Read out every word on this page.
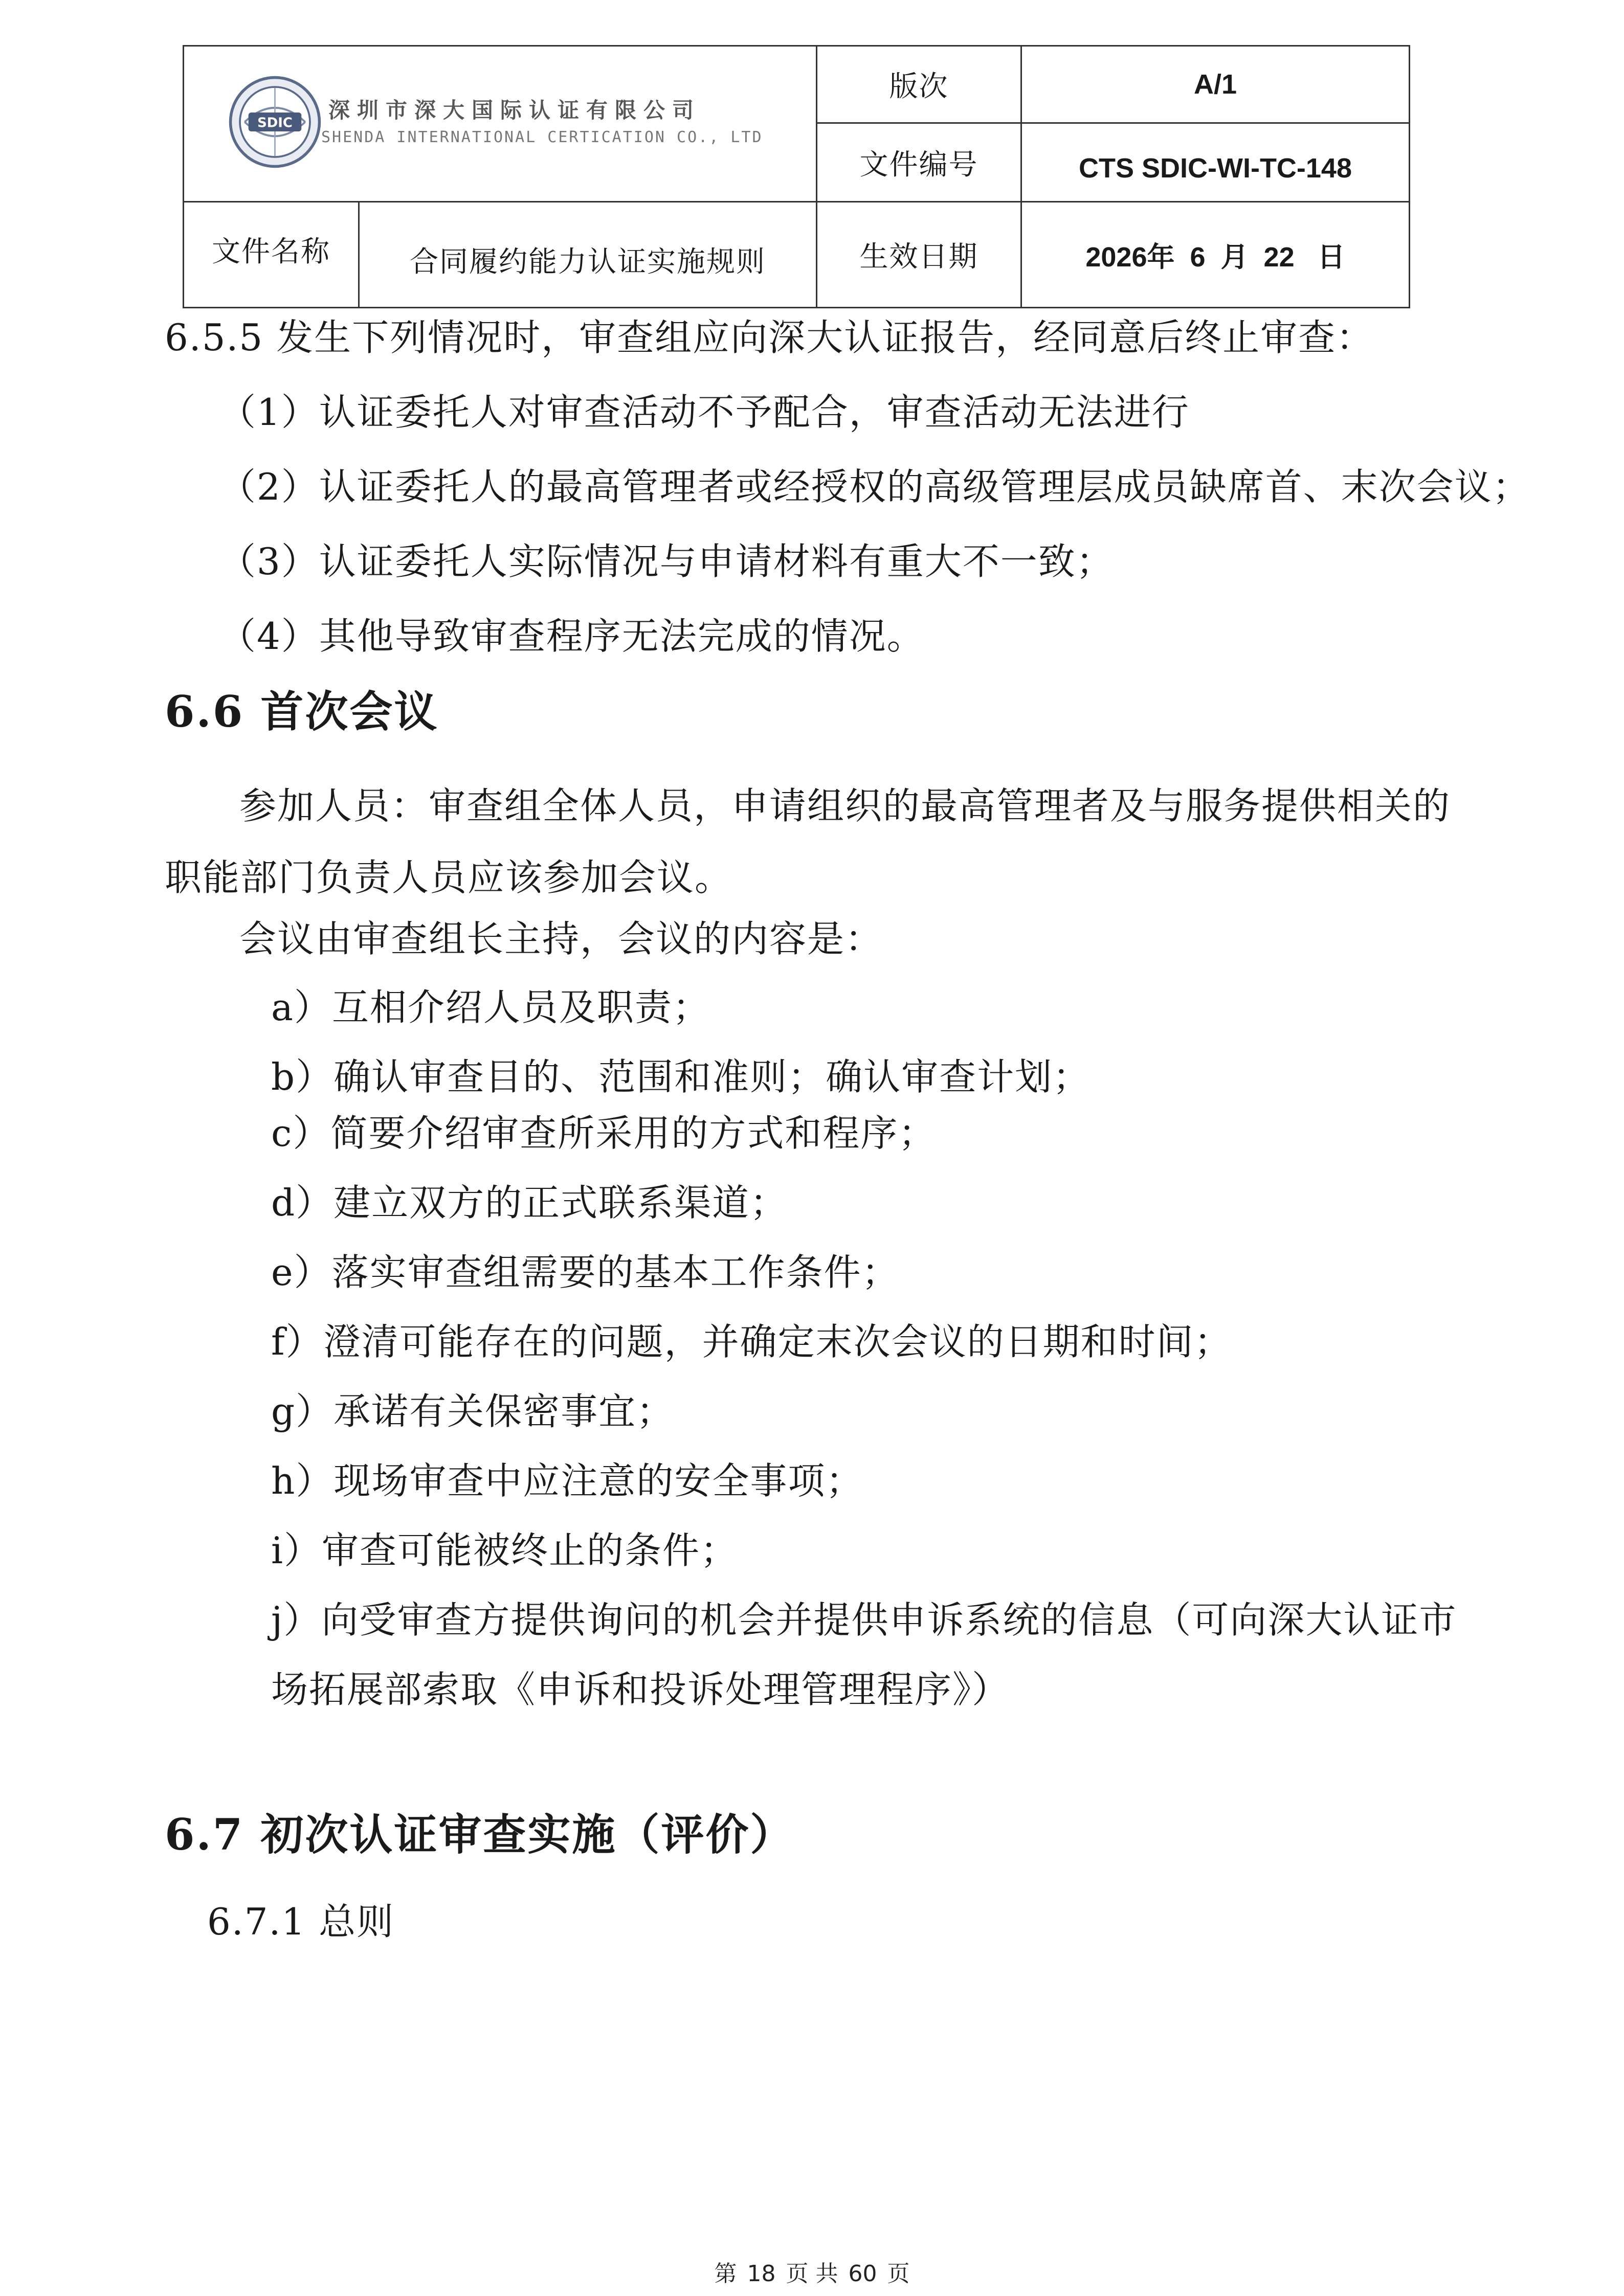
SDIC
深圳市深大国际认证有限公司
SHENDA INTERNATIONAL CERTICATION CO., LTD
版次	A/1
文件编号	CTS SDIC-WI-TC-148
文件名称	合同履约能力认证实施规则	生效日期	2026年  6  月  22   日
6.5.5 发生下列情况时，审查组应向深大认证报告，经同意后终止审查：
（1）认证委托人对审查活动不予配合，审查活动无法进行
（2）认证委托人的最高管理者或经授权的高级管理层成员缺席首、末次会议；
（3）认证委托人实际情况与申请材料有重大不一致；
（4）其他导致审查程序无法完成的情况。
6.6 首次会议
参加人员：审查组全体人员，申请组织的最高管理者及与服务提供相关的
职能部门负责人员应该参加会议。
会议由审查组长主持，会议的内容是：
a）互相介绍人员及职责；
b）确认审查目的、范围和准则；确认审查计划；
c）简要介绍审查所采用的方式和程序；
d）建立双方的正式联系渠道；
e）落实审查组需要的基本工作条件；
f）澄清可能存在的问题，并确定末次会议的日期和时间；
g）承诺有关保密事宜；
h）现场审查中应注意的安全事项；
i）审查可能被终止的条件；
j）向受审查方提供询问的机会并提供申诉系统的信息（可向深大认证市
场拓展部索取《申诉和投诉处理管理程序》）
6.7 初次认证审查实施（评价）
6.7.1 总则
第 18 页 共 60 页
